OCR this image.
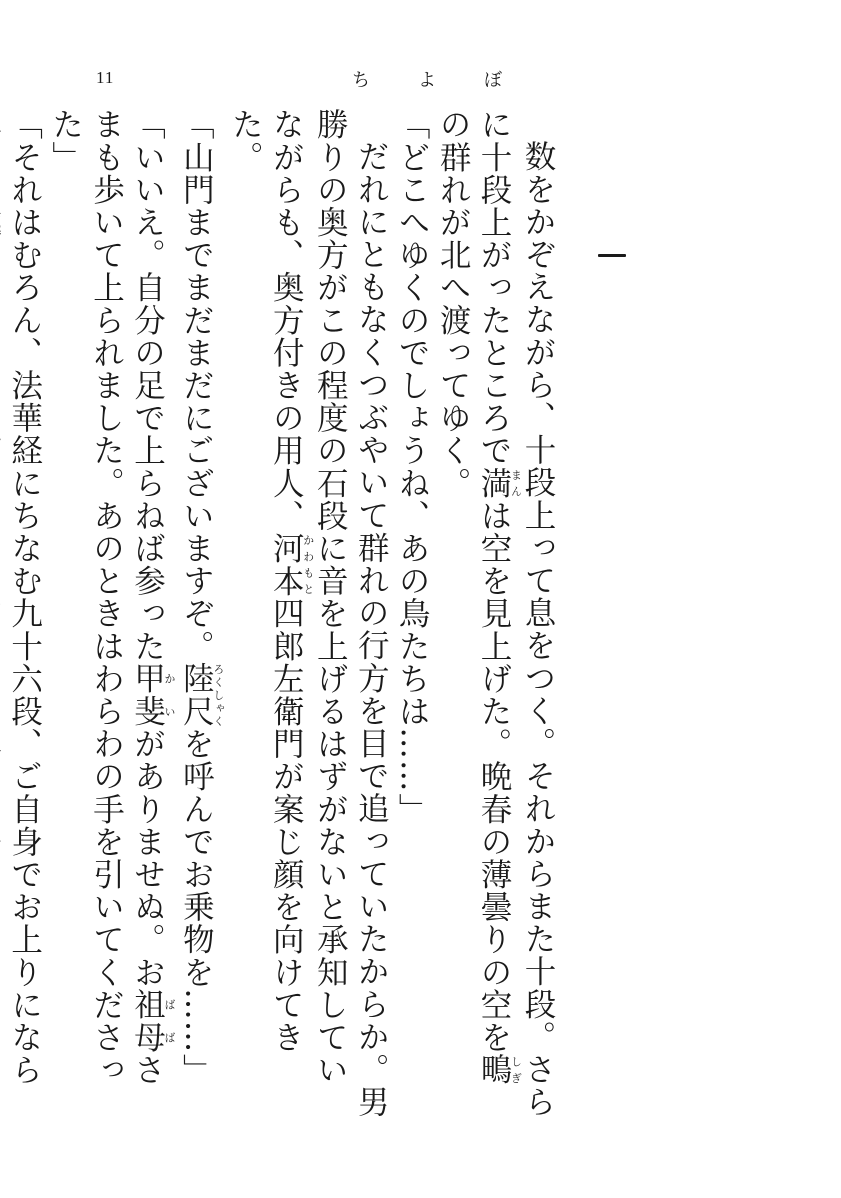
11	ち	よ	ぼ

数をかぞえながら、十段上って息をつく。それからまた十段。さらに十段上がったところで満まんは空を見上げた。晩春の薄曇りの空を鴫しぎの群れが北へ渡ってゆく。

「どこへゆくのでしょうね、あの鳥たちは……」

だれにともなくつぶやいて群れの行方を目で追っていたからか。男勝りの奥方がこの程度の石段に音を上げるはずがないと承知していながらも、奥方付きの用人、河本かわもと四郎左衛門が案じ顔を向けてきた。

「山門までまだまだにございますぞ。陸尺ろくしゃくを呼んでお乗物を……」

「いいえ。自分の足で上らねば参った甲斐かいがありませぬ。お祖母ばばさまも歩いて上られました。あのときはわらわの手を引いてくださった」

「それはむろん、法華経にちなむ九十六段、ご自身でお上りになら
